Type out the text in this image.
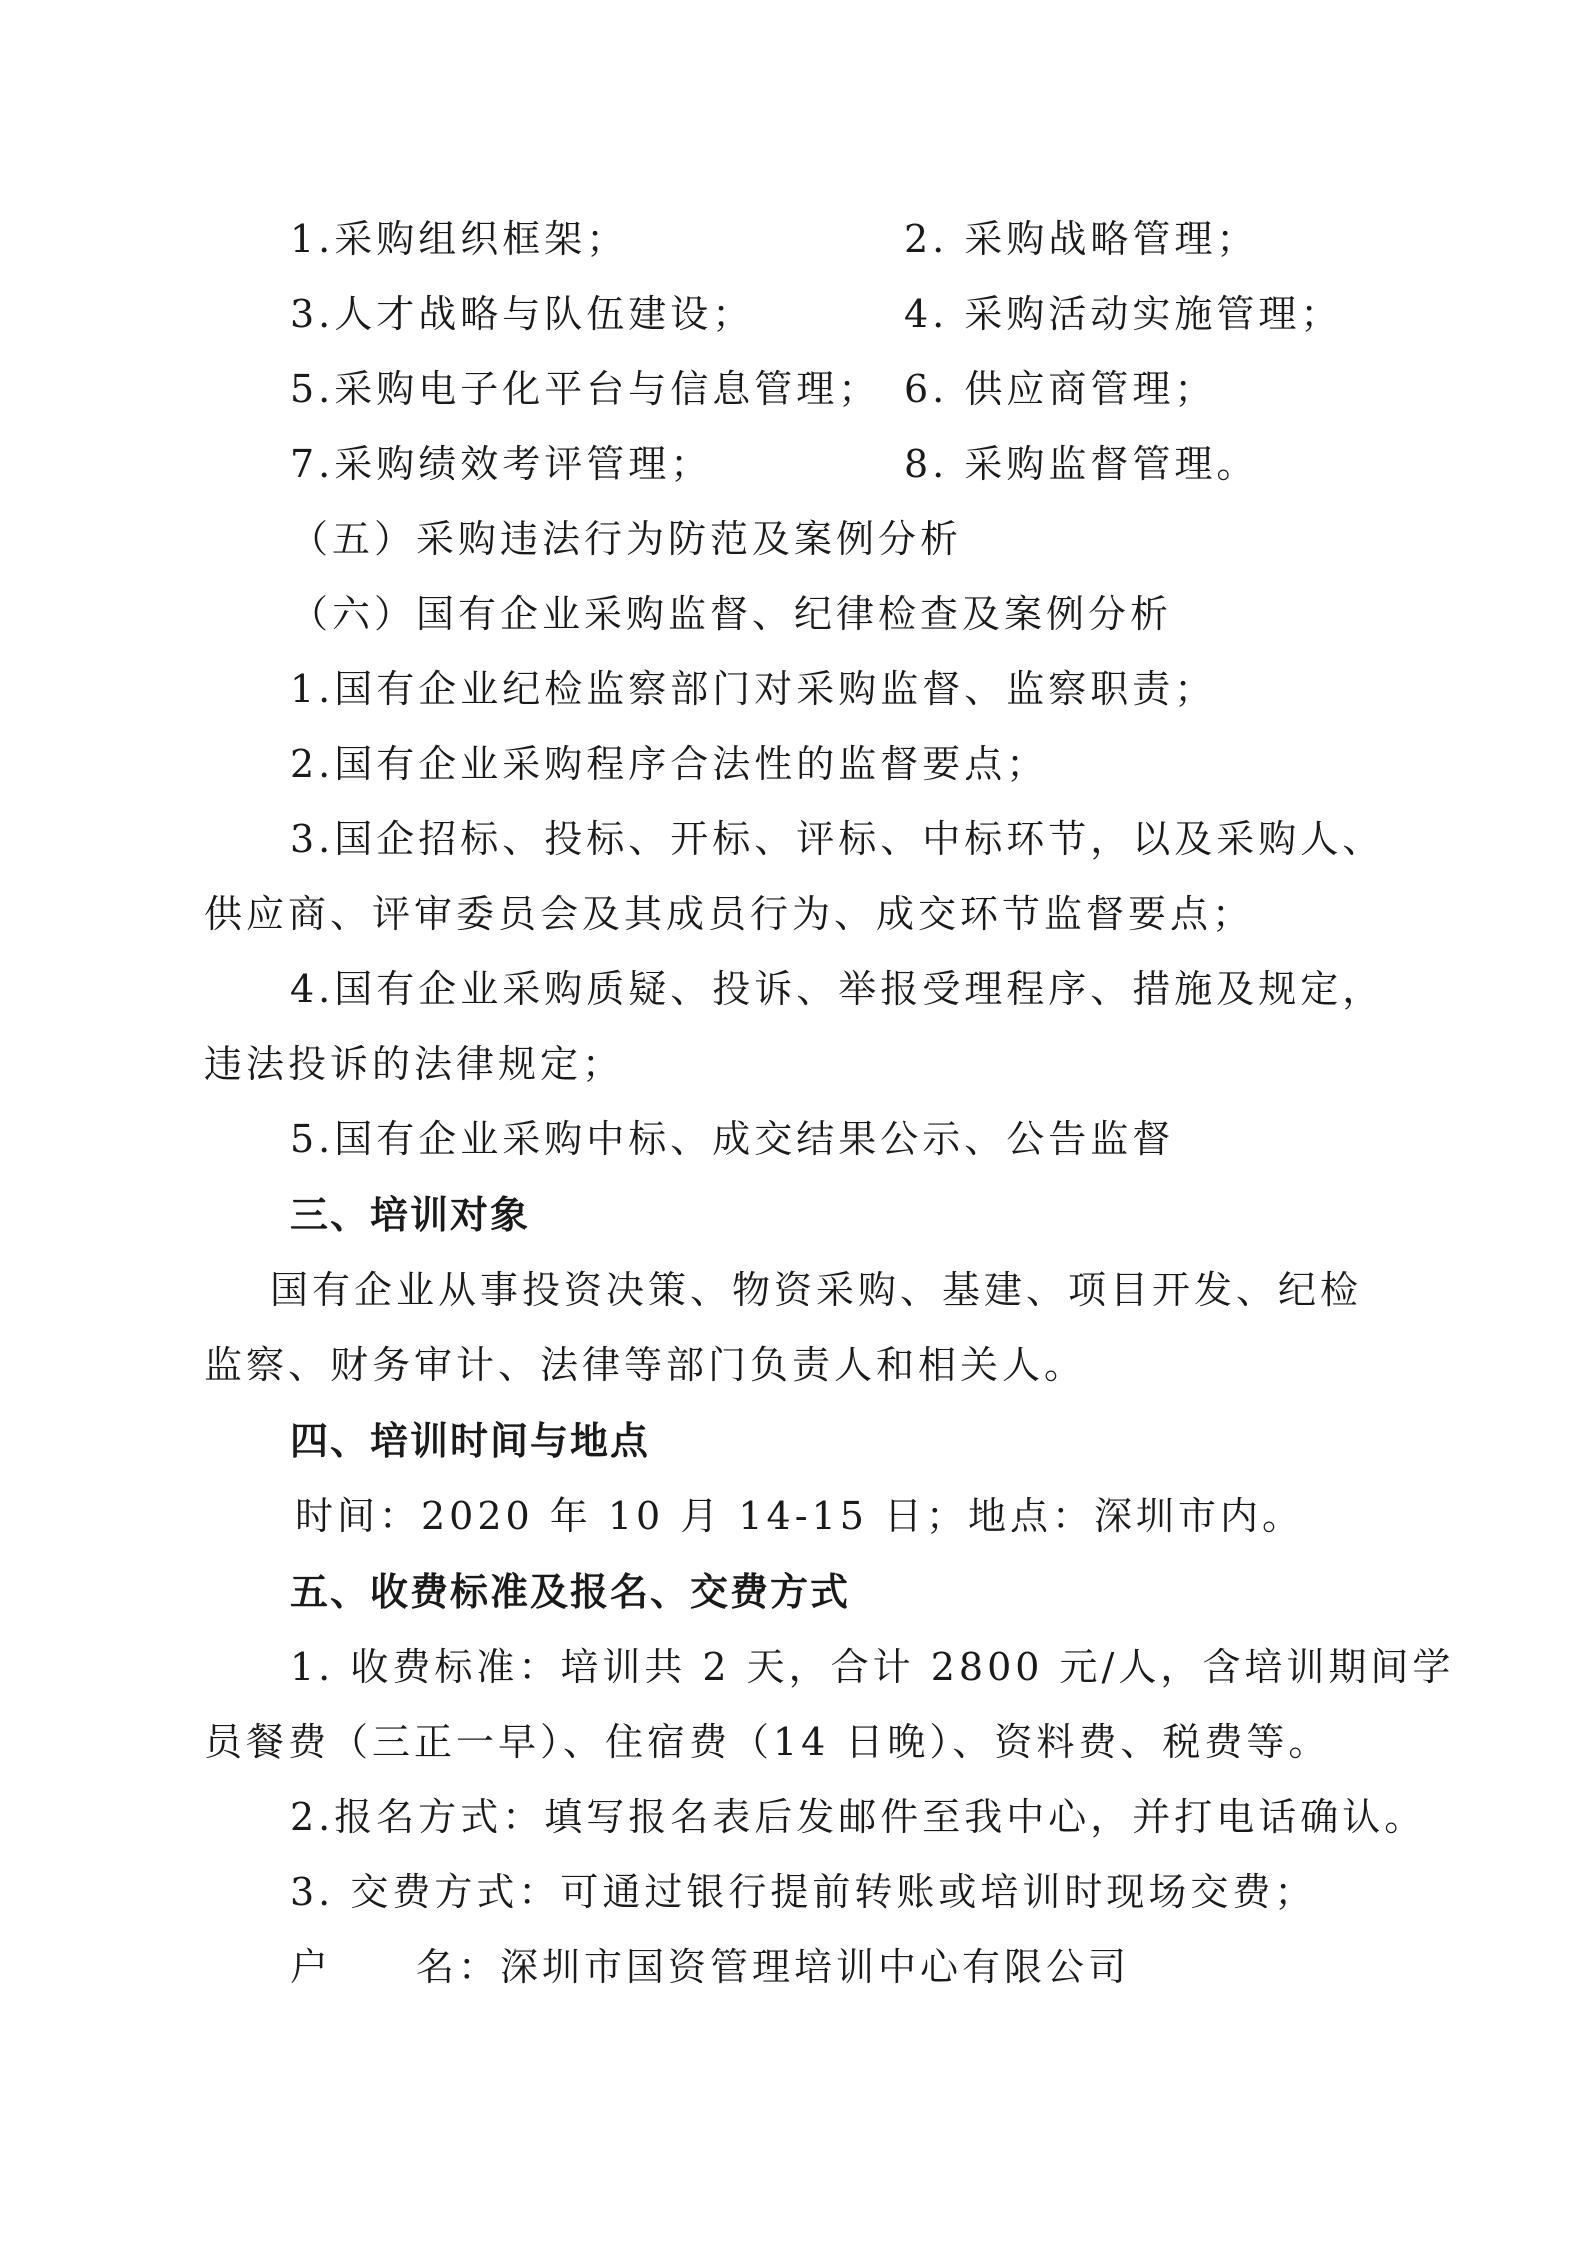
1.采购组织框架；	2. 采购战略管理；
3.人才战略与队伍建设；	4. 采购活动实施管理；
5.采购电子化平台与信息管理； 6. 供应商管理；
7.采购绩效考评管理；	8. 采购监督管理。
（五）采购违法行为防范及案例分析
（六）国有企业采购监督、纪律检查及案例分析
1.国有企业纪检监察部门对采购监督、监察职责；
2.国有企业采购程序合法性的监督要点；
3.国企招标、投标、开标、评标、中标环节，以及采购人、
供应商、评审委员会及其成员行为、成交环节监督要点；
4.国有企业采购质疑、投诉、举报受理程序、措施及规定，
违法投诉的法律规定；
5.国有企业采购中标、成交结果公示、公告监督
三、培训对象
国有企业从事投资决策、物资采购、基建、项目开发、纪检
监察、财务审计、法律等部门负责人和相关人。
四、培训时间与地点
时间：2020 年 10 月 14-15 日； 地点：深圳市内。
五、收费标准及报名、交费方式
1. 收费标准：培训共 2 天，合计 2800 元/人，含培训期间学
员餐费（三正一早）、住宿费（14 日晚）、资料费、税费等。
2.报名方式：填写报名表后发邮件至我中心，并打电话确认。
3. 交费方式：可通过银行提前转账或培训时现场交费；
户　　名：深圳市国资管理培训中心有限公司
